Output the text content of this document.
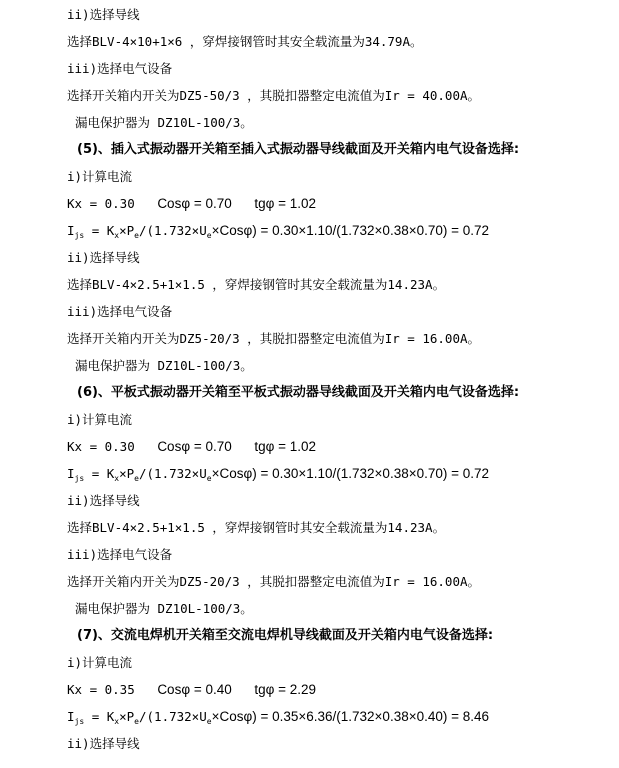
ii)选择导线
选择BLV-4×10+1×6 ，穿焊接钢管时其安全载流量为34.79A。
iii)选择电气设备
选择开关箱内开关为DZ5-50/3 ，其脱扣器整定电流值为Ir = 40.00A。
漏电保护器为 DZ10L-100/3。
(5)、插入式振动器开关箱至插入式振动器导线截面及开关箱内电气设备选择:
i)计算电流
Kx = 0.30 Cosφ = 0.70 tgφ = 1.02
$I_{js} = K_x\times P_e/(1.732\times U_e\times Cos\varphi) = 0.30\times 1.10/(1.732\times 0.38\times 0.70) = 0.72$
ii)选择导线
选择BLV-4×2.5+1×1.5 ，穿焊接钢管时其安全载流量为14.23A。
iii)选择电气设备
选择开关箱内开关为DZ5-20/3 ，其脱扣器整定电流值为Ir = 16.00A。
漏电保护器为 DZ10L-100/3。
(6)、平板式振动器开关箱至平板式振动器导线截面及开关箱内电气设备选择:
i)计算电流
Kx = 0.30 Cosφ = 0.70 tgφ = 1.02
$I_{js} = K_x\times P_e/(1.732\times U_e\times Cos\varphi) = 0.30\times 1.10/(1.732\times 0.38\times 0.70) = 0.72$
ii)选择导线
选择BLV-4×2.5+1×1.5 ，穿焊接钢管时其安全载流量为14.23A。
iii)选择电气设备
选择开关箱内开关为DZ5-20/3 ，其脱扣器整定电流值为Ir = 16.00A。
漏电保护器为 DZ10L-100/3。
(7)、交流电焊机开关箱至交流电焊机导线截面及开关箱内电气设备选择:
i)计算电流
Kx = 0.35 Cosφ = 0.40 tgφ = 2.29
$I_{js} = K_x\times P_e/(1.732\times U_e\times Cos\varphi) = 0.35\times 6.36/(1.732\times 0.38\times 0.40) = 8.46$
ii)选择导线
